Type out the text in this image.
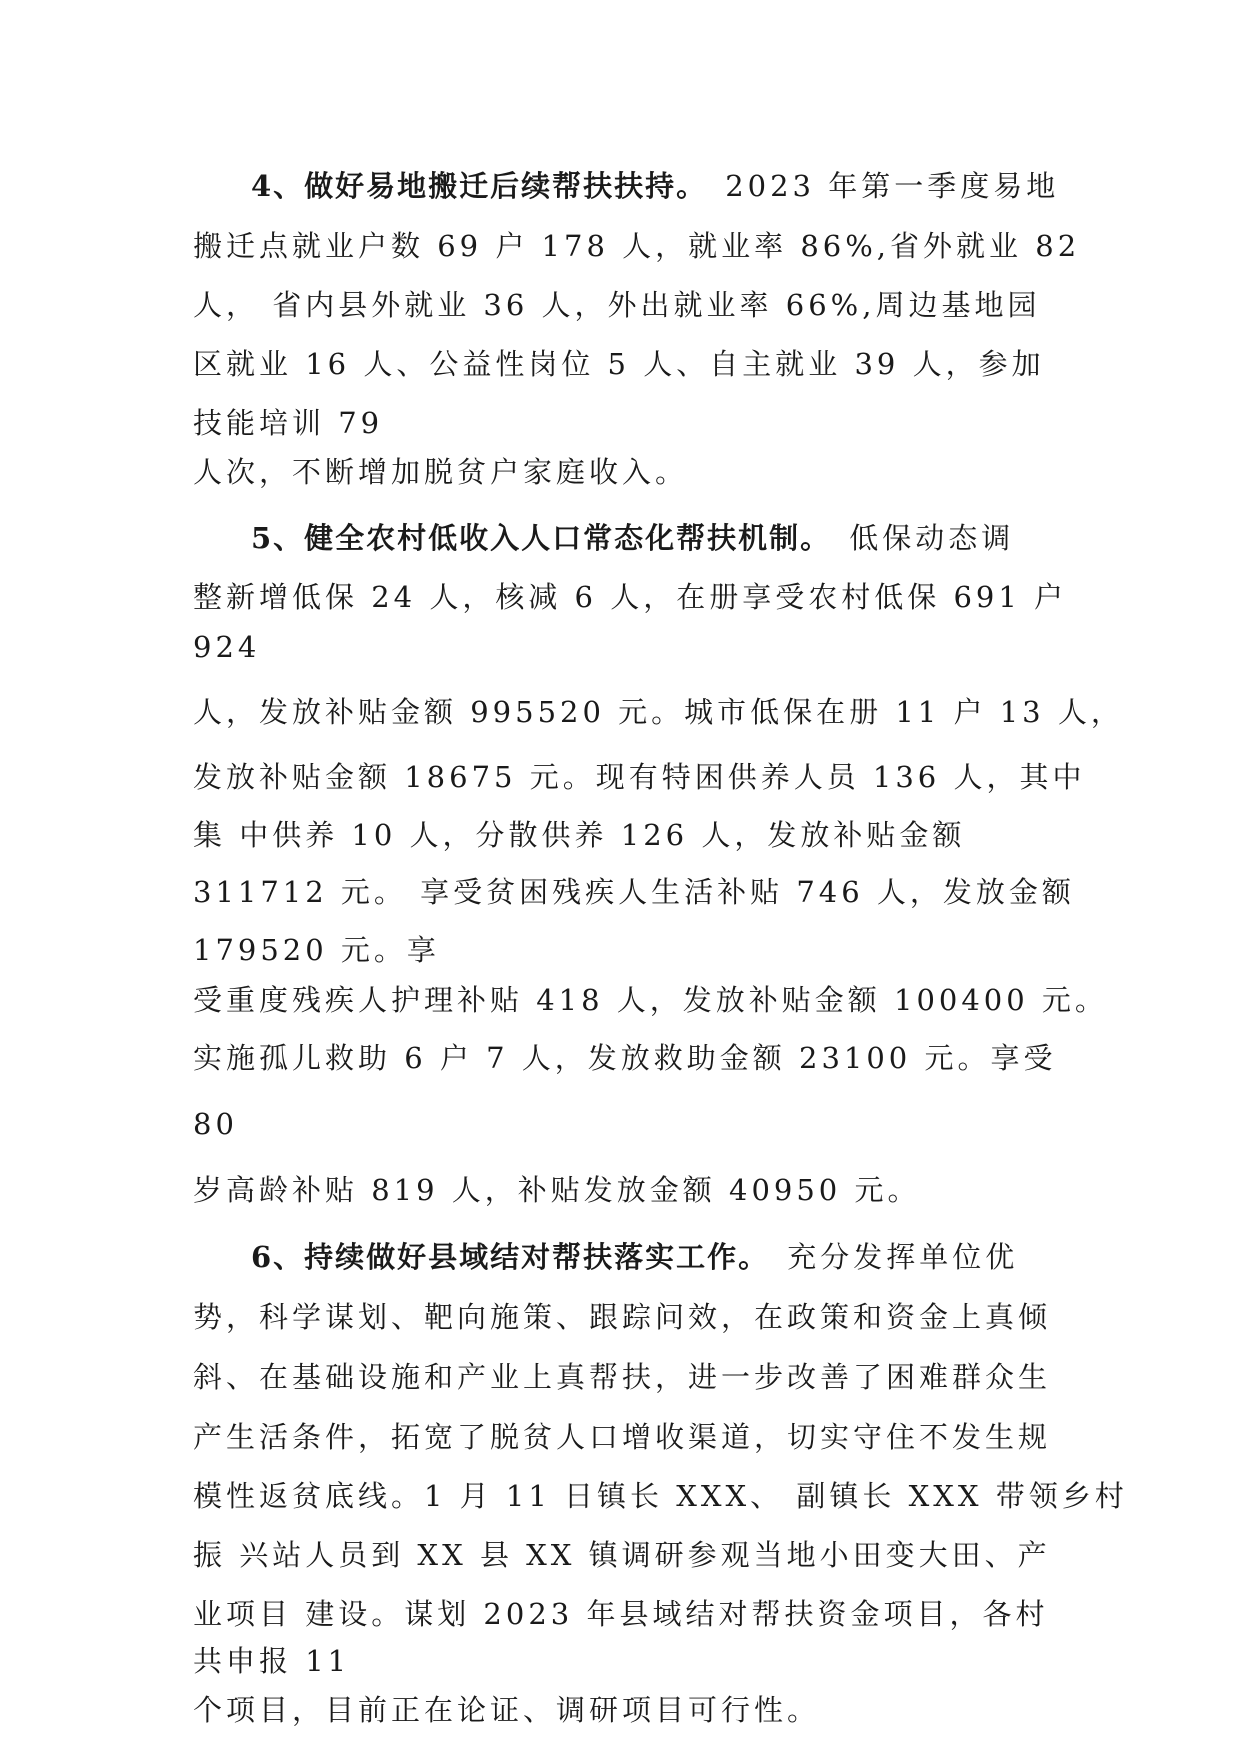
4、做好易地搬迁后续帮扶扶持。 2023 年第一季度易地

搬迁点就业户数 69 户 178 人，就业率 86%,省外就业 82

人， 省内县外就业 36 人，外出就业率 66%,周边基地园

区就业 16 人、公益性岗位 5 人、自主就业 39 人，参加

技能培训 79

人次，不断增加脱贫户家庭收入。

5、健全农村低收入人口常态化帮扶机制。 低保动态调

整新增低保 24 人，核减 6 人，在册享受农村低保 691 户

924

人，发放补贴金额 995520 元。城市低保在册 11 户 13 人，

发放补贴金额 18675 元。现有特困供养人员 136 人，其中

集 中供养 10 人，分散供养 126 人，发放补贴金额

311712 元。 享受贫困残疾人生活补贴 746 人，发放金额

179520 元。享

受重度残疾人护理补贴 418 人，发放补贴金额 100400 元。

实施孤儿救助 6 户 7 人，发放救助金额 23100 元。享受

80

岁高龄补贴 819 人，补贴发放金额 40950 元。

6、持续做好县域结对帮扶落实工作。 充分发挥单位优

势，科学谋划、靶向施策、跟踪问效，在政策和资金上真倾

斜、在基础设施和产业上真帮扶，进一步改善了困难群众生

产生活条件，拓宽了脱贫人口增收渠道，切实守住不发生规

模性返贫底线。1 月 11 日镇长 XXX、 副镇长 XXX 带领乡村

振 兴站人员到 XX 县 XX 镇调研参观当地小田变大田、产

业项目 建设。谋划 2023 年县域结对帮扶资金项目，各村

共申报 11

个项目，目前正在论证、调研项目可行性。
